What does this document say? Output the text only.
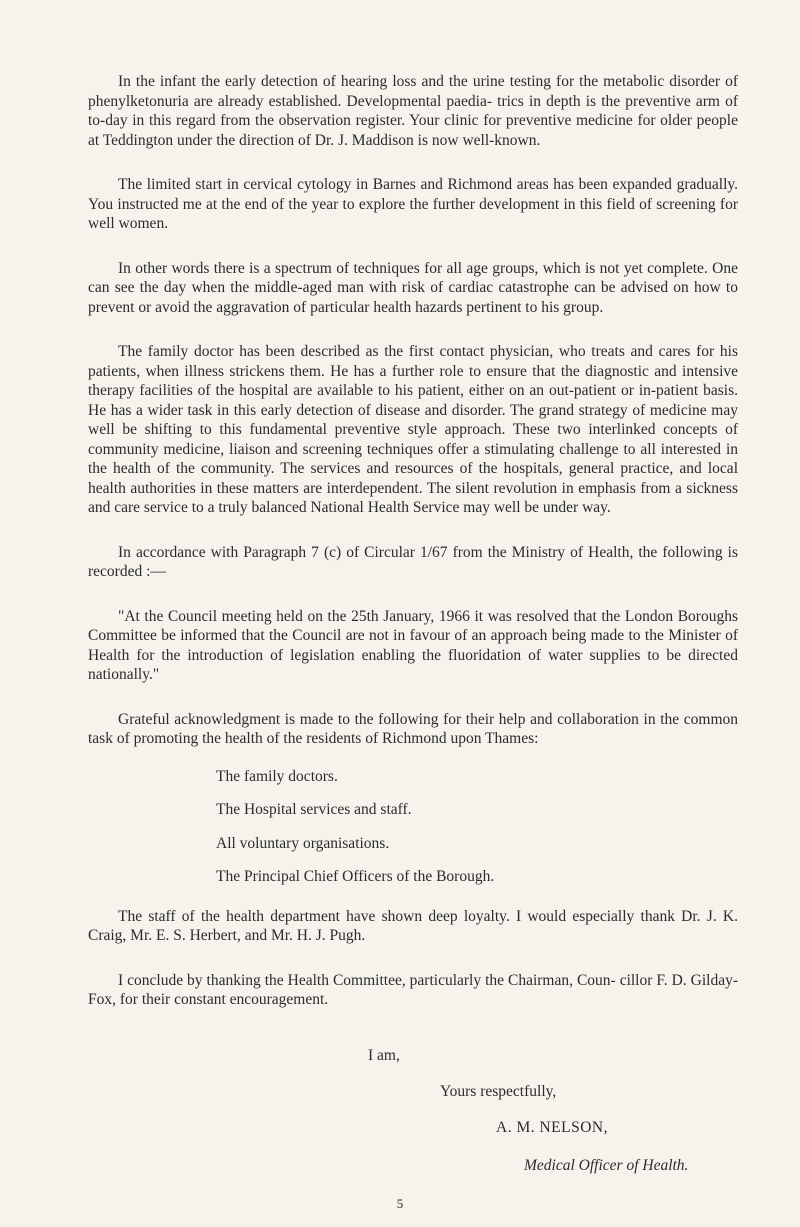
In the infant the early detection of hearing loss and the urine testing for the metabolic disorder of phenylketonuria are already established. Developmental paedia- trics in depth is the preventive arm of to-day in this regard from the observation register. Your clinic for preventive medicine for older people at Teddington under the direction of Dr. J. Maddison is now well-known.

The limited start in cervical cytology in Barnes and Richmond areas has been expanded gradually. You instructed me at the end of the year to explore the further development in this field of screening for well women.

In other words there is a spectrum of techniques for all age groups, which is not yet complete. One can see the day when the middle-aged man with risk of cardiac catastrophe can be advised on how to prevent or avoid the aggravation of particular health hazards pertinent to his group.

The family doctor has been described as the first contact physician, who treats and cares for his patients, when illness strickens them. He has a further role to ensure that the diagnostic and intensive therapy facilities of the hospital are available to his patient, either on an out-patient or in-patient basis. He has a wider task in this early detection of disease and disorder. The grand strategy of medicine may well be shifting to this fundamental preventive style approach. These two interlinked concepts of community medicine, liaison and screening techniques offer a stimulating challenge to all interested in the health of the community. The services and resources of the hospitals, general practice, and local health authorities in these matters are interdependent. The silent revolution in emphasis from a sickness and care service to a truly balanced National Health Service may well be under way.

In accordance with Paragraph 7 (c) of Circular 1/67 from the Ministry of Health, the following is recorded :—

"At the Council meeting held on the 25th January, 1966 it was resolved that the London Boroughs Committee be informed that the Council are not in favour of an approach being made to the Minister of Health for the introduction of legislation enabling the fluoridation of water supplies to be directed nationally."

Grateful acknowledgment is made to the following for their help and collaboration in the common task of promoting the health of the residents of Richmond upon Thames:

The family doctors.
The Hospital services and staff.
All voluntary organisations.
The Principal Chief Officers of the Borough.

The staff of the health department have shown deep loyalty. I would especially thank Dr. J. K. Craig, Mr. E. S. Herbert, and Mr. H. J. Pugh.

I conclude by thanking the Health Committee, particularly the Chairman, Coun- cillor F. D. Gilday-Fox, for their constant encouragement.

I am,
Yours respectfully,
A. M. NELSON,
Medical Officer of Health.
5
